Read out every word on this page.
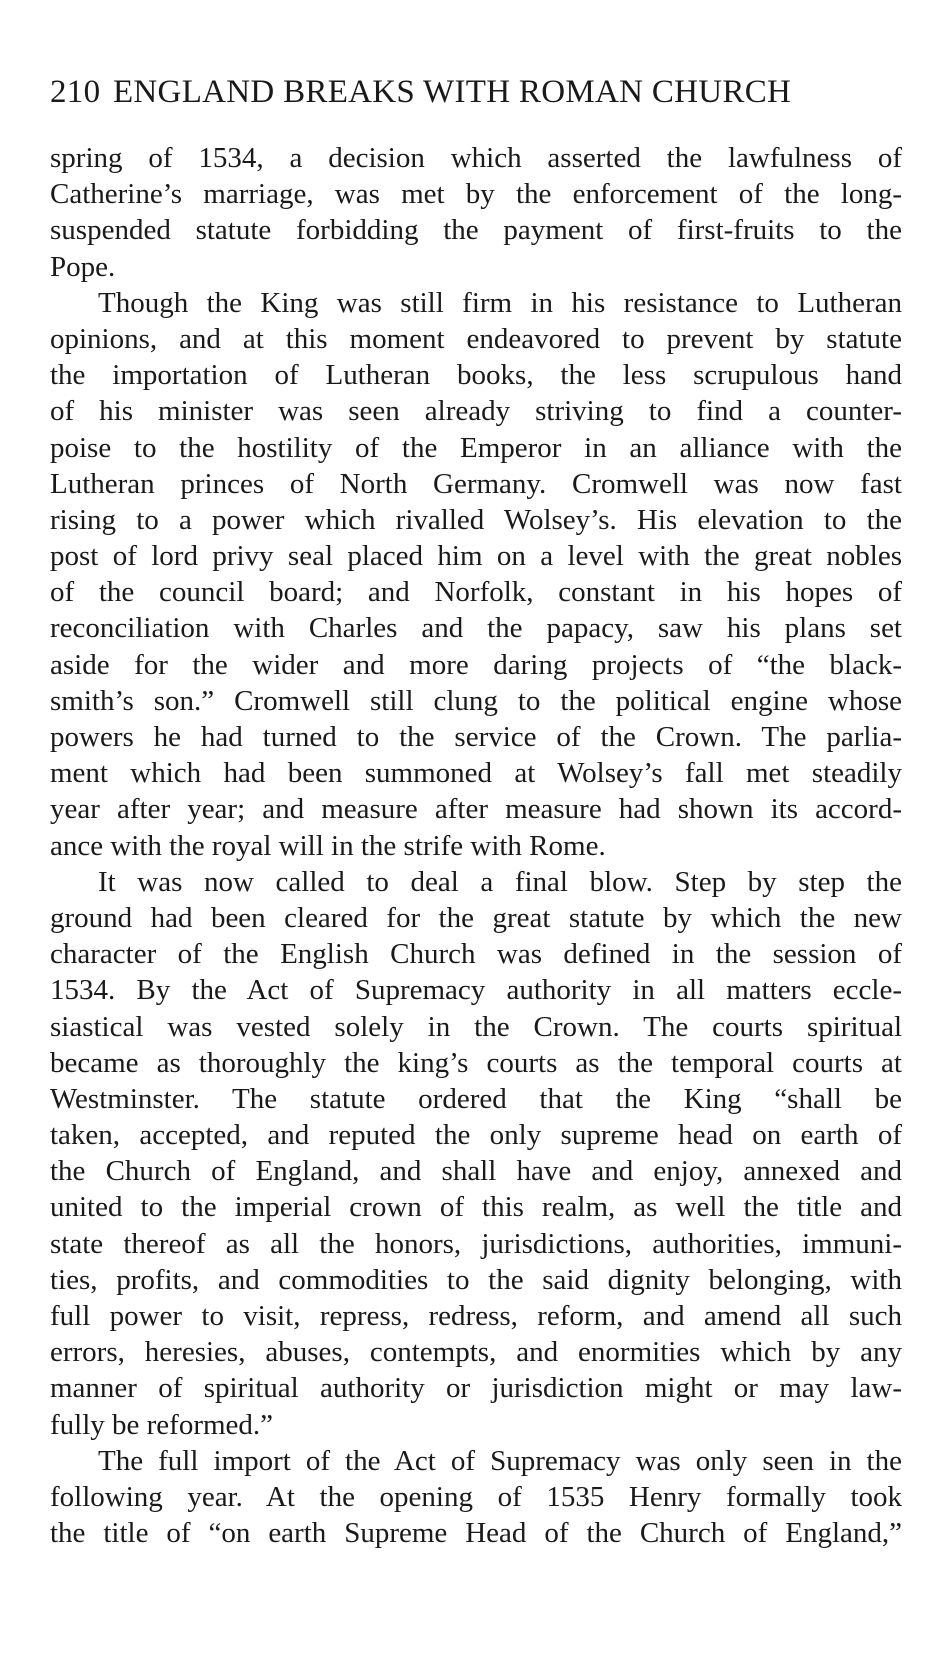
210 ENGLAND BREAKS WITH ROMAN CHURCH
spring of 1534, a decision which asserted the lawfulness of
Catherine’s marriage, was met by the enforcement of the long-
suspended statute forbidding the payment of first-fruits to the
Pope.
Though the King was still firm in his resistance to Lutheran
opinions, and at this moment endeavored to prevent by statute
the importation of Lutheran books, the less scrupulous hand
of his minister was seen already striving to find a counter-
poise to the hostility of the Emperor in an alliance with the
Lutheran princes of North Germany. Cromwell was now fast
rising to a power which rivalled Wolsey’s. His elevation to the
post of lord privy seal placed him on a level with the great nobles
of the council board; and Norfolk, constant in his hopes of
reconciliation with Charles and the papacy, saw his plans set
aside for the wider and more daring projects of “the black-
smith’s son.” Cromwell still clung to the political engine whose
powers he had turned to the service of the Crown. The parlia-
ment which had been summoned at Wolsey’s fall met steadily
year after year; and measure after measure had shown its accord-
ance with the royal will in the strife with Rome.
It was now called to deal a final blow. Step by step the
ground had been cleared for the great statute by which the new
character of the English Church was defined in the session of
1534. By the Act of Supremacy authority in all matters eccle-
siastical was vested solely in the Crown. The courts spiritual
became as thoroughly the king’s courts as the temporal courts at
Westminster. The statute ordered that the King “shall be
taken, accepted, and reputed the only supreme head on earth of
the Church of England, and shall have and enjoy, annexed and
united to the imperial crown of this realm, as well the title and
state thereof as all the honors, jurisdictions, authorities, immuni-
ties, profits, and commodities to the said dignity belonging, with
full power to visit, repress, redress, reform, and amend all such
errors, heresies, abuses, contempts, and enormities which by any
manner of spiritual authority or jurisdiction might or may law-
fully be reformed.”
The full import of the Act of Supremacy was only seen in the
following year. At the opening of 1535 Henry formally took
the title of “on earth Supreme Head of the Church of England,”
